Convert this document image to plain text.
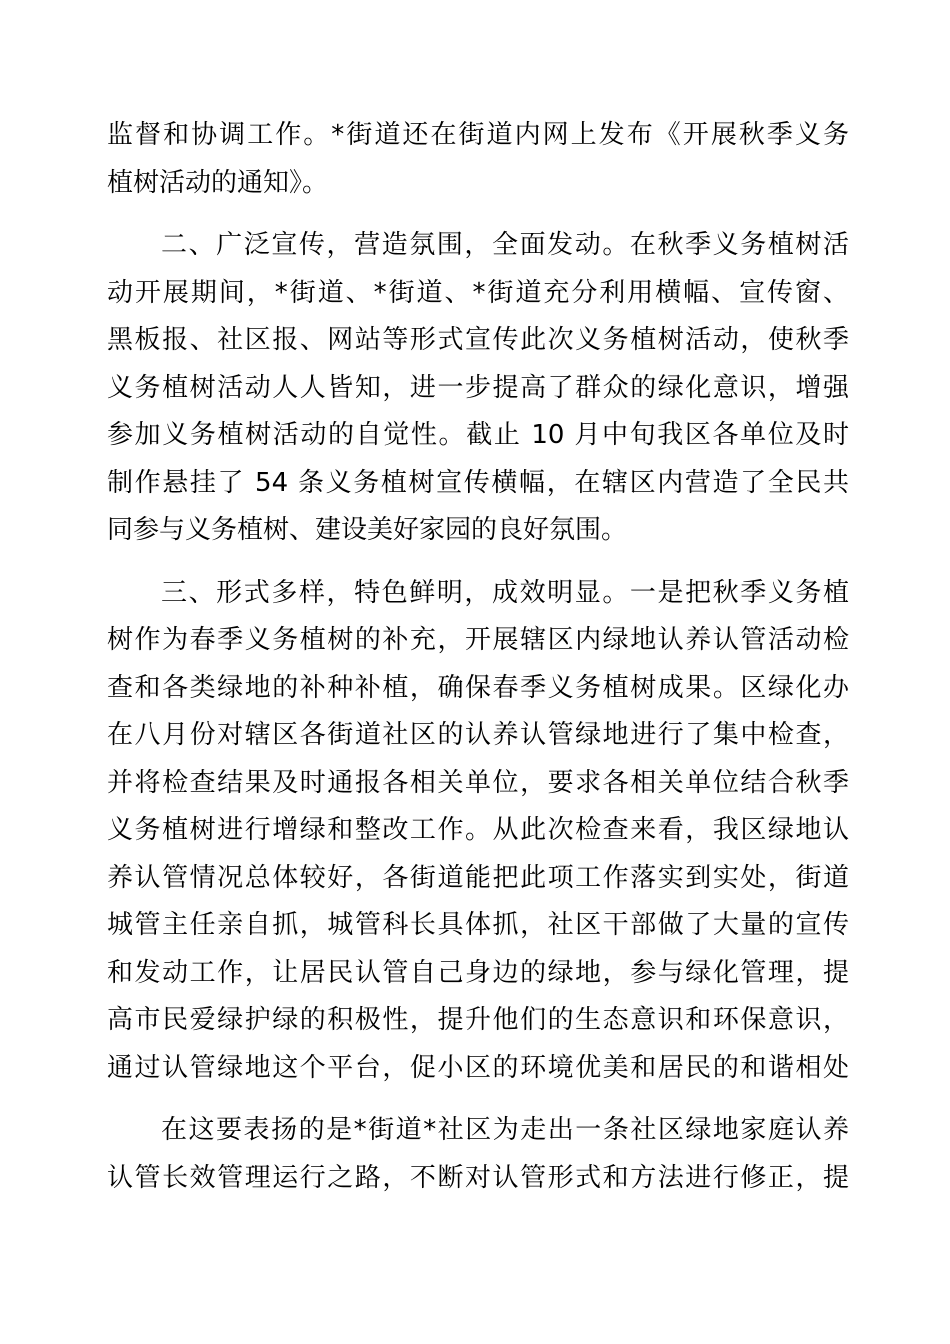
监督和协调工作。*街道还在街道内网上发布《开展秋季义务
植树活动的通知》。
二、广泛宣传，营造氛围，全面发动。在秋季义务植树活
动开展期间，*街道、*街道、*街道充分利用横幅、宣传窗、
黑板报、社区报、网站等形式宣传此次义务植树活动，使秋季
义务植树活动人人皆知，进一步提高了群众的绿化意识，增强
参加义务植树活动的自觉性。截止 10 月中旬我区各单位及时
制作悬挂了 54 条义务植树宣传横幅，在辖区内营造了全民共
同参与义务植树、建设美好家园的良好氛围。
三、形式多样，特色鲜明，成效明显。一是把秋季义务植
树作为春季义务植树的补充，开展辖区内绿地认养认管活动检
查和各类绿地的补种补植，确保春季义务植树成果。区绿化办
在八月份对辖区各街道社区的认养认管绿地进行了集中检查，
并将检查结果及时通报各相关单位，要求各相关单位结合秋季
义务植树进行增绿和整改工作。从此次检查来看，我区绿地认
养认管情况总体较好，各街道能把此项工作落实到实处，街道
城管主任亲自抓，城管科长具体抓，社区干部做了大量的宣传
和发动工作，让居民认管自己身边的绿地，参与绿化管理，提
高市民爱绿护绿的积极性，提升他们的生态意识和环保意识，
通过认管绿地这个平台，促小区的环境优美和居民的和谐相处
在这要表扬的是*街道*社区为走出一条社区绿地家庭认养
认管长效管理运行之路，不断对认管形式和方法进行修正，提
